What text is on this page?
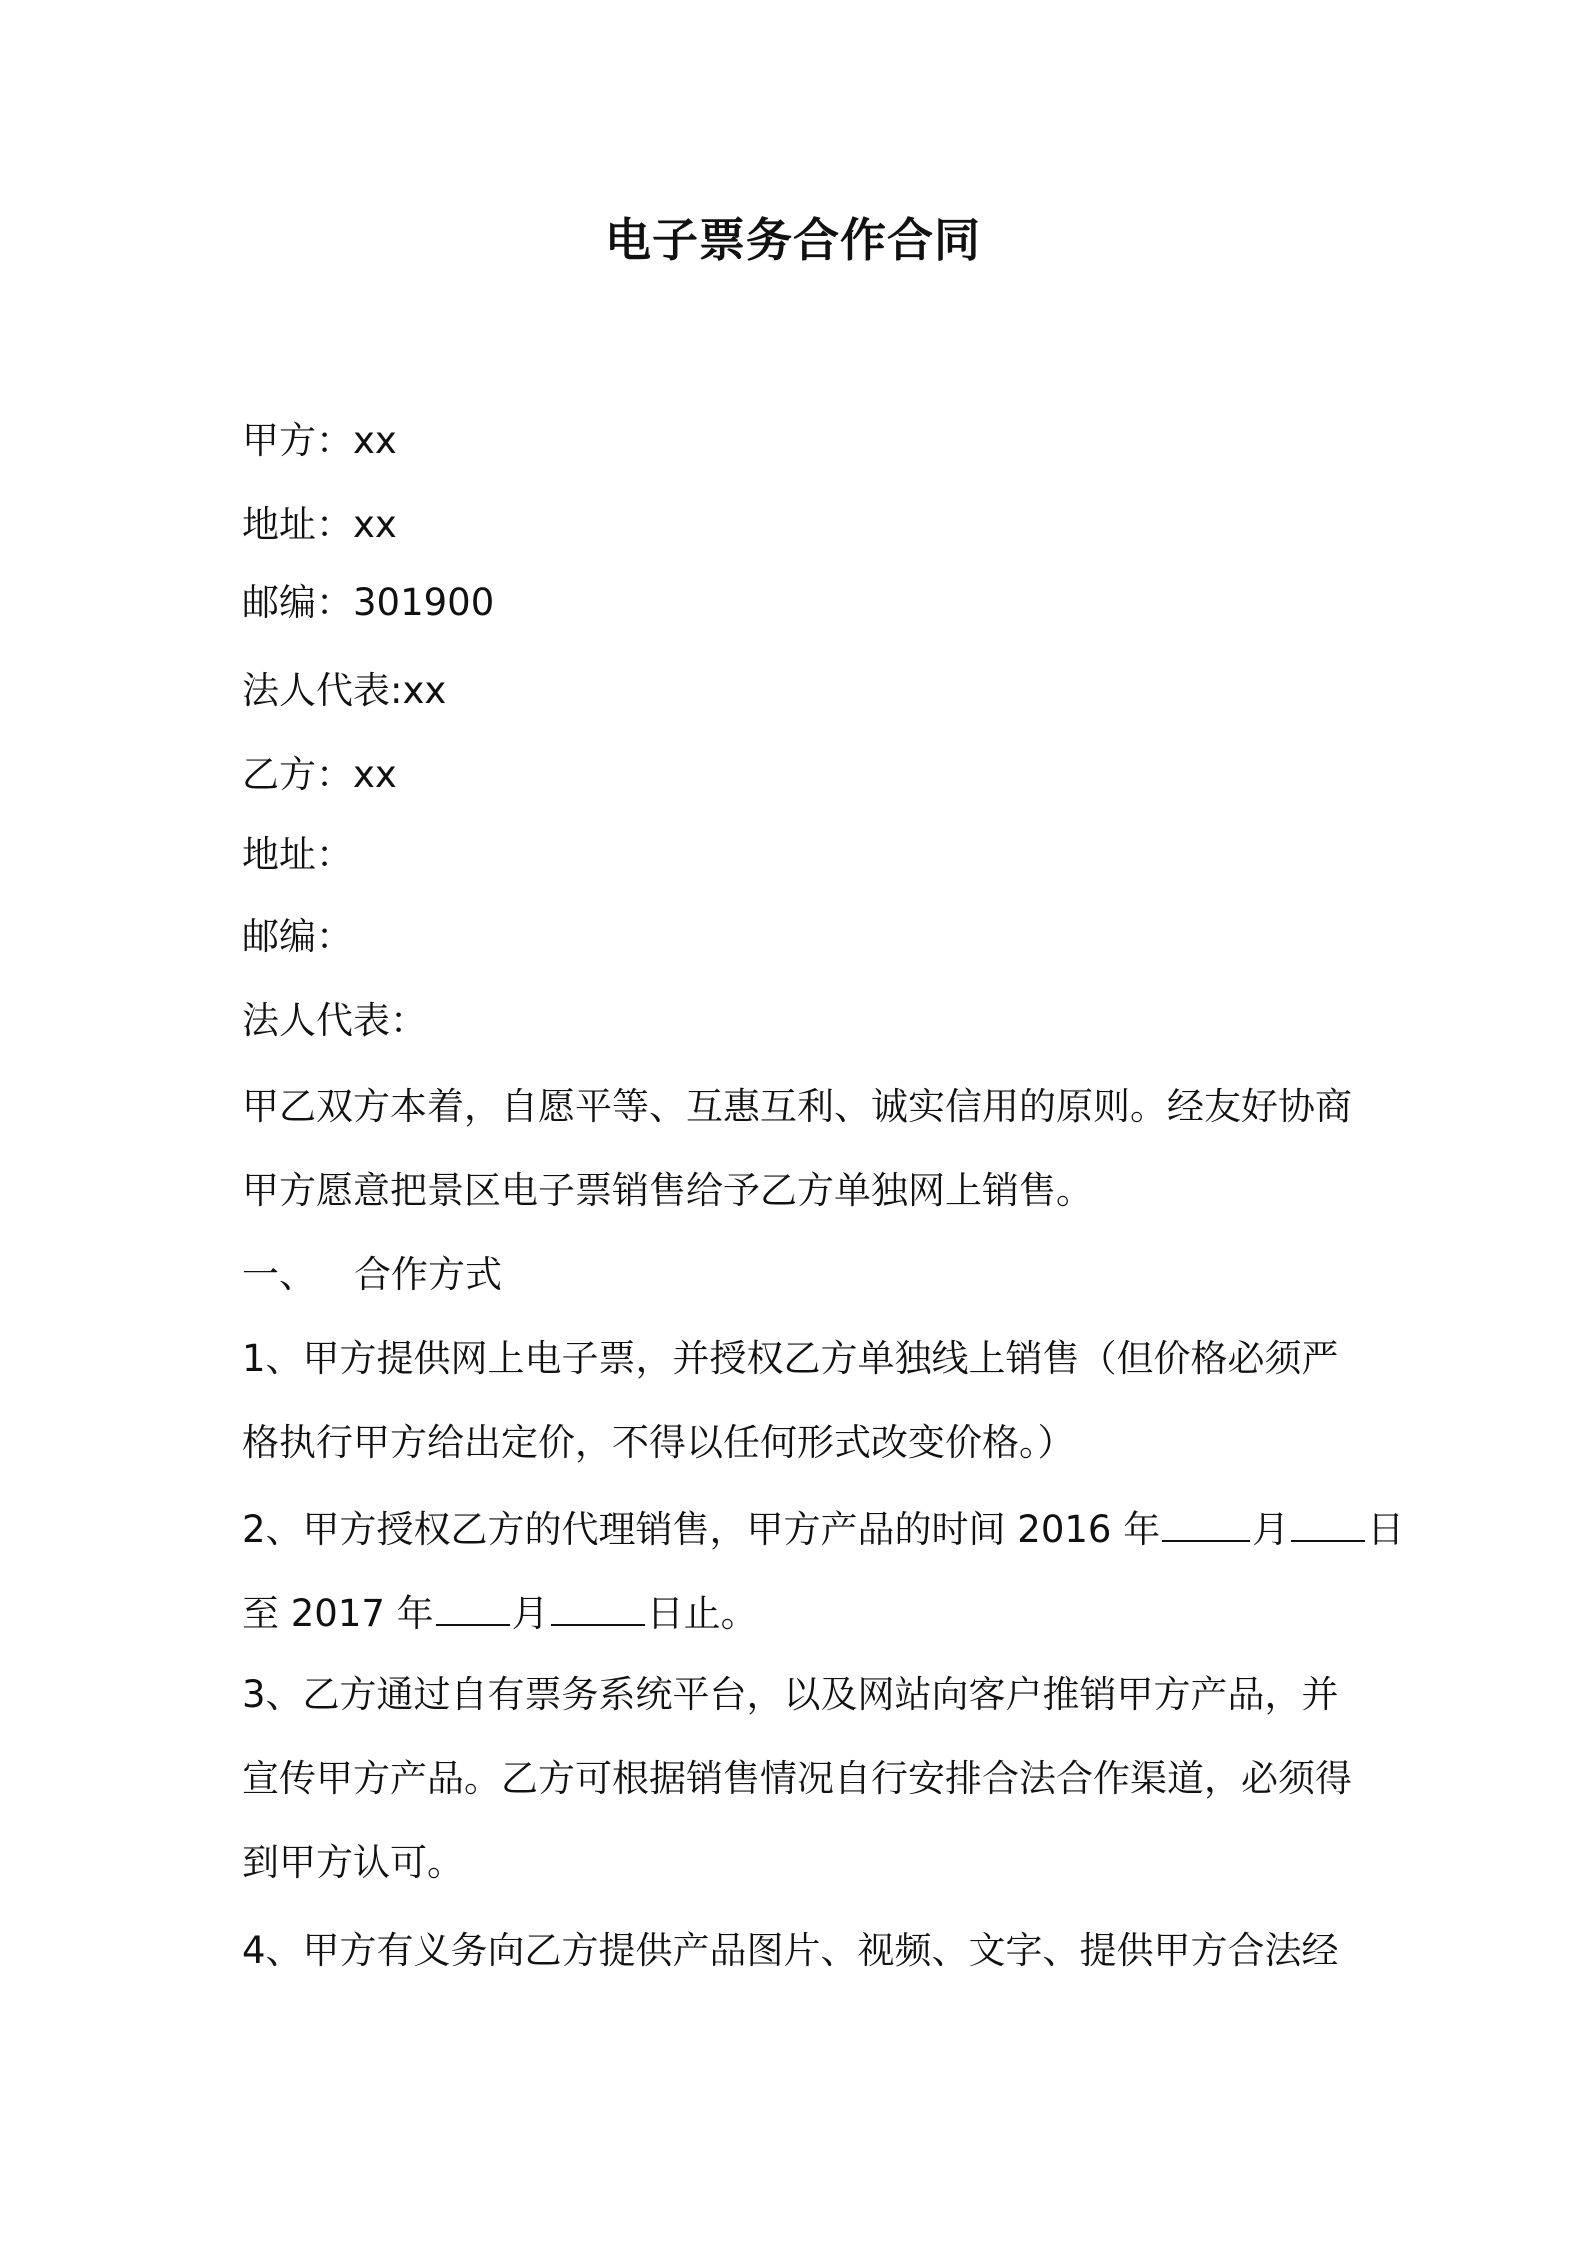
电子票务合作合同
甲方：xx
地址：xx
邮编：301900
法人代表:xx
乙方：xx
地址：
邮编：
法人代表：
甲乙双方本着，自愿平等、互惠互利、诚实信用的原则。经友好协商
甲方愿意把景区电子票销售给予乙方单独网上销售。
一、 合作方式
1、甲方提供网上电子票，并授权乙方单独线上销售（但价格必须严
格执行甲方给出定价，不得以任何形式改变价格。）
2、甲方授权乙方的代理销售，甲方产品的时间 2016 年 月 日
至 2017 年 月	日止。
3、乙方通过自有票务系统平台，以及网站向客户推销甲方产品，并
宣传甲方产品。乙方可根据销售情况自行安排合法合作渠道，必须得
到甲方认可。
4、甲方有义务向乙方提供产品图片、视频、文字、提供甲方合法经
